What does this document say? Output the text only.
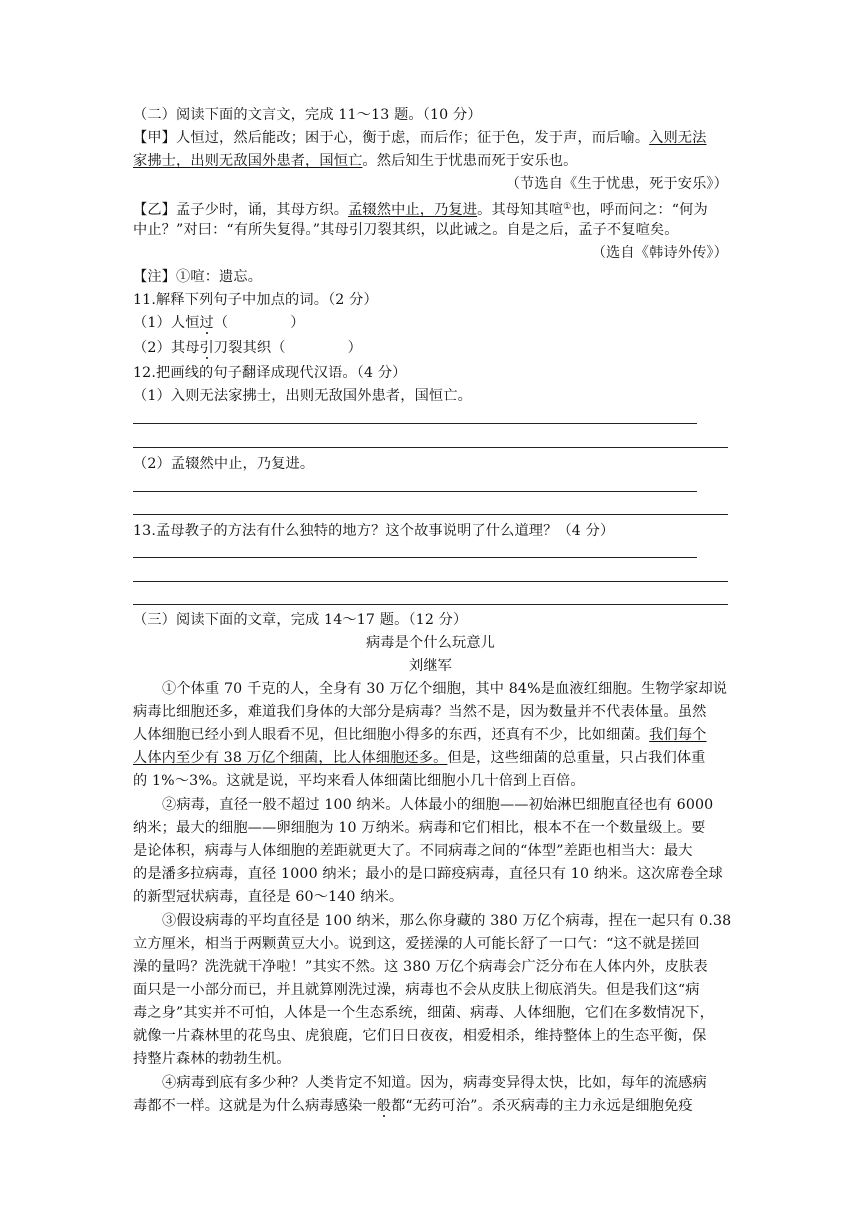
（二）阅读下面的文言文，完成 11～13 题。（10 分）
【甲】人恒过，然后能改；困于心，衡于虑，而后作；征于色，发于声，而后喻。入则无法
家拂士，出则无敌国外患者，国恒亡。然后知生于忧患而死于安乐也。
（节选自《生于忧患，死于安乐》）
【乙】孟子少时，诵，其母方织。孟辍然中止，乃复进。其母知其喧①也，呼而问之：“何为
中止？”对曰：“有所失复得。”其母引刀裂其织，以此诫之。自是之后，孟子不复喧矣。
（选自《韩诗外传》）
【注】①喧：遗忘。
11.解释下列句子中加点的词。（2 分）
（1）人恒过（	）
（2）其母引刀裂其织（	）
12.把画线的句子翻译成现代汉语。（4 分）
（1）入则无法家拂士，出则无敌国外患者，国恒亡。
（2）孟辍然中止，乃复进。
13.孟母教子的方法有什么独特的地方？这个故事说明了什么道理？（4 分）
（三）阅读下面的文章，完成 14～17 题。（12 分）
病毒是个什么玩意儿
刘继军
①个体重 70 千克的人，全身有 30 万亿个细胞，其中 84%是血液红细胞。生物学家却说
病毒比细胞还多，难道我们身体的大部分是病毒？当然不是，因为数量并不代表体量。虽然
人体细胞已经小到人眼看不见，但比细胞小得多的东西，还真有不少，比如细菌。我们每个
人体内至少有 38 万亿个细菌，比人体细胞还多。但是，这些细菌的总重量，只占我们体重
的 1%～3%。这就是说，平均来看人体细菌比细胞小几十倍到上百倍。
②病毒，直径一般不超过 100 纳米。人体最小的细胞——初始淋巴细胞直径也有 6000
纳米；最大的细胞——卵细胞为 10 万纳米。病毒和它们相比，根本不在一个数量级上。要
是论体积，病毒与人体细胞的差距就更大了。不同病毒之间的“体型”差距也相当大：最大
的是潘多拉病毒，直径 1000 纳米；最小的是口蹄疫病毒，直径只有 10 纳米。这次席卷全球
的新型冠状病毒，直径是 60～140 纳米。
③假设病毒的平均直径是 100 纳米，那么你身藏的 380 万亿个病毒，捏在一起只有 0.38
立方厘米，相当于两颗黄豆大小。说到这，爱搓澡的人可能长舒了一口气：“这不就是搓回
澡的量吗？洗洗就干净啦！”其实不然。这 380 万亿个病毒会广泛分布在人体内外，皮肤表
面只是一小部分而已，并且就算刚洗过澡，病毒也不会从皮肤上彻底消失。但是我们这“病
毒之身”其实并不可怕，人体是一个生态系统，细菌、病毒、人体细胞，它们在多数情况下，
就像一片森林里的花鸟虫、虎狼鹿，它们日日夜夜，相爱相杀，维持整体上的生态平衡，保
持整片森林的勃勃生机。
④病毒到底有多少种？人类肯定不知道。因为，病毒变异得太快，比如，每年的流感病
毒都不一样。这就是为什么病毒感染一般都“无药可治”。杀灭病毒的主力永远是细胞免疫
